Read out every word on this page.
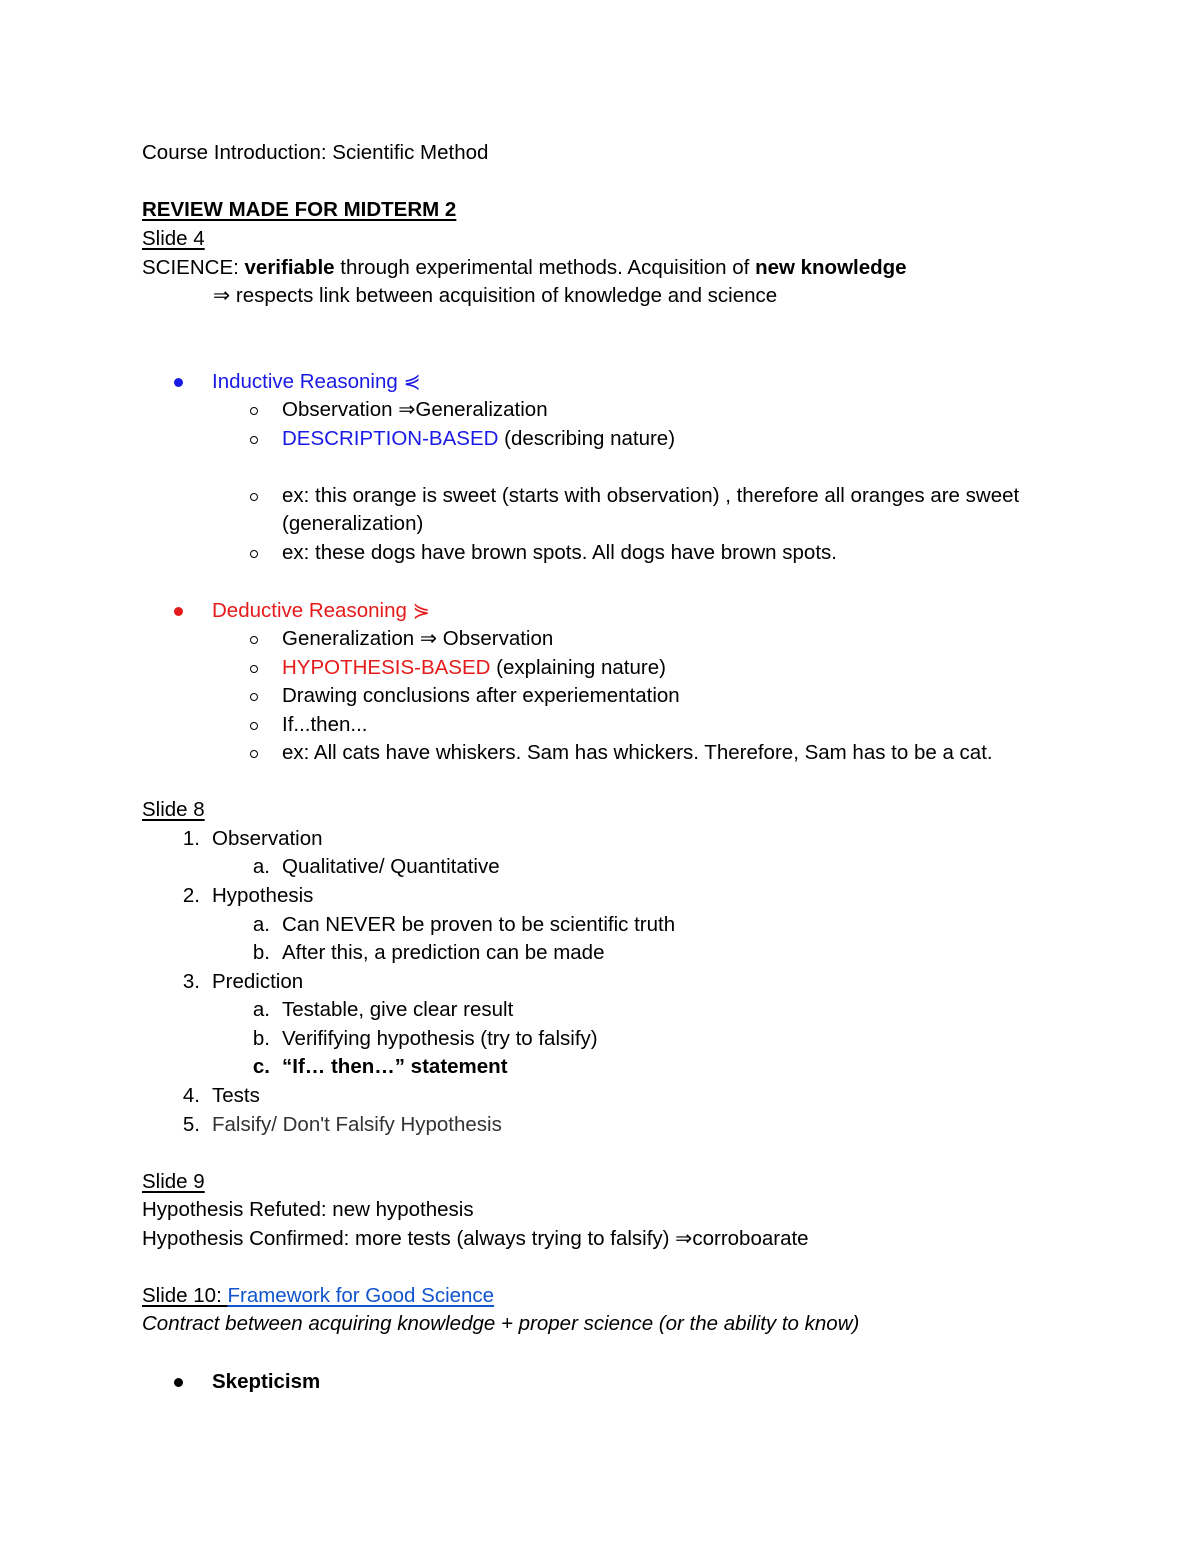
Course Introduction: Scientific Method
REVIEW MADE FOR MIDTERM 2
Slide 4
SCIENCE: verifiable through experimental methods. Acquisition of new knowledge
⇒ respects link between acquisition of knowledge and science
Inductive Reasoning ⋞
Observation ⇒Generalization
DESCRIPTION-BASED (describing nature)
ex: this orange is sweet (starts with observation) , therefore all oranges are sweet
(generalization)
ex: these dogs have brown spots. All dogs have brown spots.
Deductive Reasoning ⋟
Generalization ⇒ Observation
HYPOTHESIS-BASED (explaining nature)
Drawing conclusions after experiementation
If...then...
ex: All cats have whiskers. Sam has whickers. Therefore, Sam has to be a cat.
Slide 8
1. Observation
a. Qualitative/ Quantitative
2. Hypothesis
a. Can NEVER be proven to be scientific truth
b. After this, a prediction can be made
3. Prediction
a. Testable, give clear result
b. Verififying hypothesis (try to falsify)
c. “If… then…” statement
4. Tests
5. Falsify/ Don't Falsify Hypothesis
Slide 9
Hypothesis Refuted: new hypothesis
Hypothesis Confirmed: more tests (always trying to falsify) ⇒corroboarate
Slide 10: Framework for Good Science
Contract between acquiring knowledge + proper science (or the ability to know)
Skepticism
